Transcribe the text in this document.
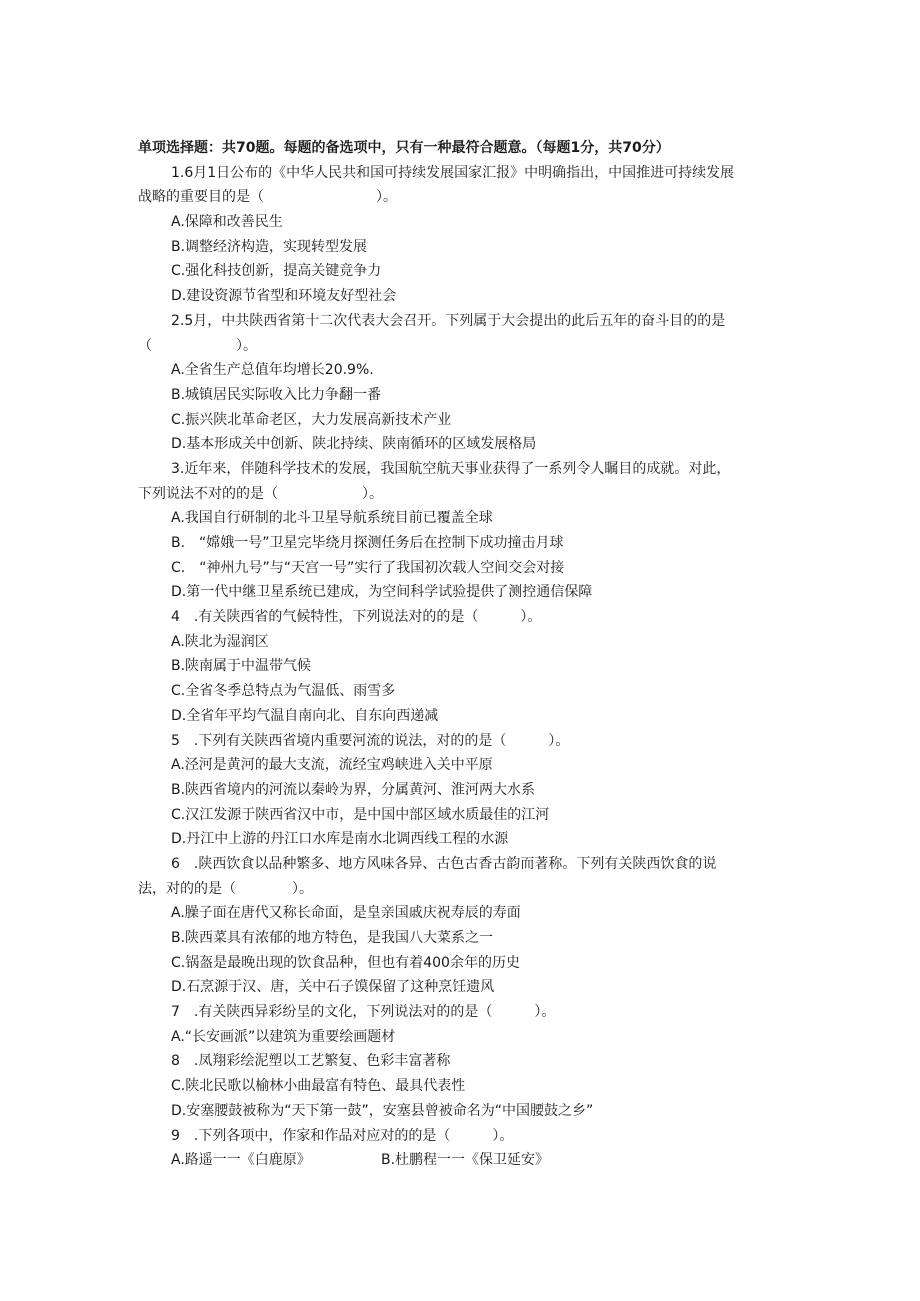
单项选择题：共70题。每题的备选项中，只有一种最符合题意。（每题1分，共70分）
1.6月1日公布的《中华人民共和国可持续发展国家汇报》中明确指出，中国推进可持续发展
战略的重要目的是（　　　　　　　　）。
A.保障和改善民生
B.调整经济构造，实现转型发展
C.强化科技创新，提高关键竞争力
D.建设资源节省型和环境友好型社会
2.5月，中共陕西省第十二次代表大会召开。下列属于大会提出的此后五年的奋斗目的的是
（　　　　　　）。
A.全省生产总值年均增长20.9%.
B.城镇居民实际收入比力争翻一番
C.振兴陕北革命老区，大力发展高新技术产业
D.基本形成关中创新、陕北持续、陕南循环的区域发展格局
3.近年来，伴随科学技术的发展，我国航空航天事业获得了一系列令人瞩目的成就。对此，
下列说法不对的的是（　　　　　　）。
A.我国自行研制的北斗卫星导航系统目前已覆盖全球
B.　“嫦娥一号”卫星完毕绕月探测任务后在控制下成功撞击月球
C.　“神州九号”与“天宫一号”实行了我国初次载人空间交会对接
D.第一代中继卫星系统已建成，为空间科学试验提供了测控通信保障
4　.有关陕西省的气候特性，下列说法对的的是（　　　）。
A.陕北为湿润区
B.陕南属于中温带气候
C.全省冬季总特点为气温低、雨雪多
D.全省年平均气温自南向北、自东向西递减
5　.下列有关陕西省境内重要河流的说法，对的的是（　　　）。
A.泾河是黄河的最大支流，流经宝鸡峡进入关中平原
B.陕西省境内的河流以秦岭为界，分属黄河、淮河两大水系
C.汉江发源于陕西省汉中市，是中国中部区域水质最佳的江河
D.丹江中上游的丹江口水库是南水北调西线工程的水源
6　.陕西饮食以品种繁多、地方风味各异、古色古香古韵而著称。下列有关陕西饮食的说
法，对的的是（　　　　）。
A.臊子面在唐代又称长命面，是皇亲国戚庆祝寿辰的寿面
B.陕西菜具有浓郁的地方特色，是我国八大菜系之一
C.锅盔是最晚出现的饮食品种，但也有着400余年的历史
D.石烹源于汉、唐，关中石子馍保留了这种烹饪遗风
7　.有关陕西异彩纷呈的文化，下列说法对的的是（　　　）。
A.“长安画派”以建筑为重要绘画题材
8　.凤翔彩绘泥塑以工艺繁复、色彩丰富著称
C.陕北民歌以榆林小曲最富有特色、最具代表性
D.安塞腰鼓被称为“天下第一鼓”，安塞县曾被命名为“中国腰鼓之乡”
9　.下列各项中，作家和作品对应对的的是（　　　）。
A.路遥一一《白鹿原》	B.杜鹏程一一《保卫延安》
